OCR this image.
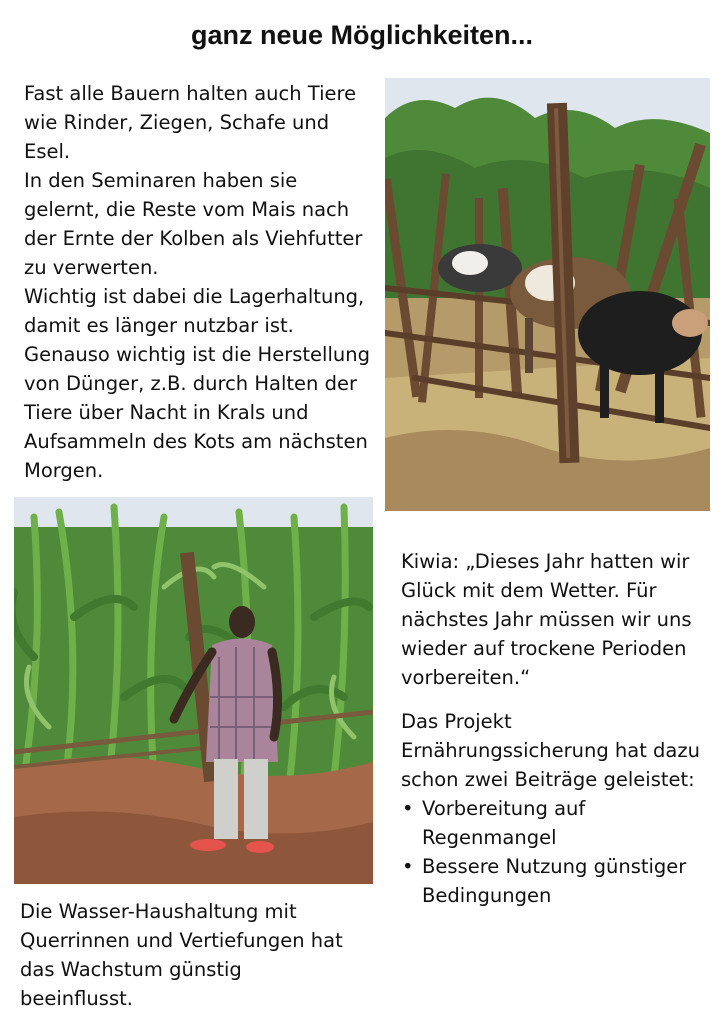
ganz neue Möglichkeiten...

Fast alle Bauern halten auch Tiere wie Rinder, Ziegen, Schafe und Esel.

In den Seminaren haben sie gelernt, die Reste vom Mais nach der Ernte der Kolben als Viehfutter zu verwerten.

Wichtig ist dabei die Lagerhaltung, damit es länger nutzbar ist. Genauso wichtig ist die Herstellung von Dünger, z.B. durch Halten der Tiere über Nacht in Krals und Aufsammeln des Kots am nächsten Morgen.

Kiwia: „Dieses Jahr hatten wir Glück mit dem Wetter. Für nächstes Jahr müssen wir uns wieder auf trockene Perioden vorbereiten.“

Das Projekt Ernährungssicherung hat dazu schon zwei Beiträge geleistet:

• Vorbereitung auf Regenmangel
• Bessere Nutzung günstiger Bedingungen
Die Wasser-Haushaltung mit Querrinnen und Vertiefungen hat das Wachstum günstig beeinflusst.
